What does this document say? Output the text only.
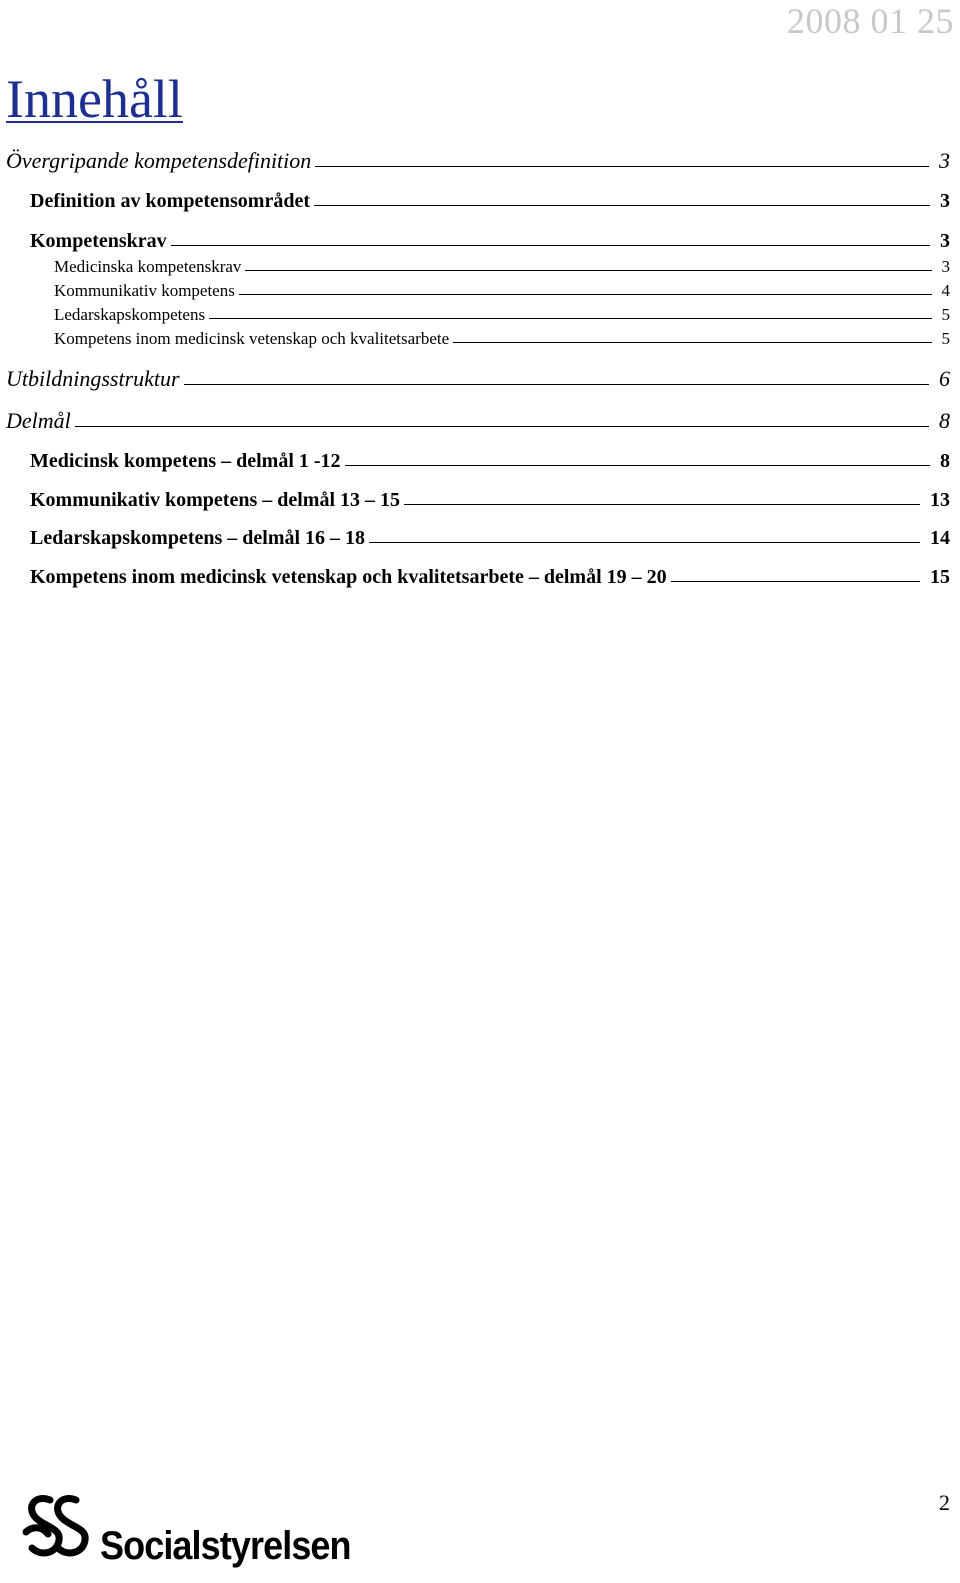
2008 01 25
Innehåll
Övergripande kompetensdefinition	3
Definition av kompetensområdet	3
Kompetenskrav	3
Medicinska kompetenskrav	3
Kommunikativ kompetens	4
Ledarskapskompetens	5
Kompetens inom medicinsk vetenskap och kvalitetsarbete	5
Utbildningsstruktur	6
Delmål	8
Medicinsk kompetens – delmål 1 -12	8
Kommunikativ kompetens – delmål 13 – 15	13
Ledarskapskompetens – delmål 16 – 18	14
Kompetens inom medicinsk vetenskap och kvalitetsarbete – delmål 19 – 20	15
Socialstyrelsen
2
